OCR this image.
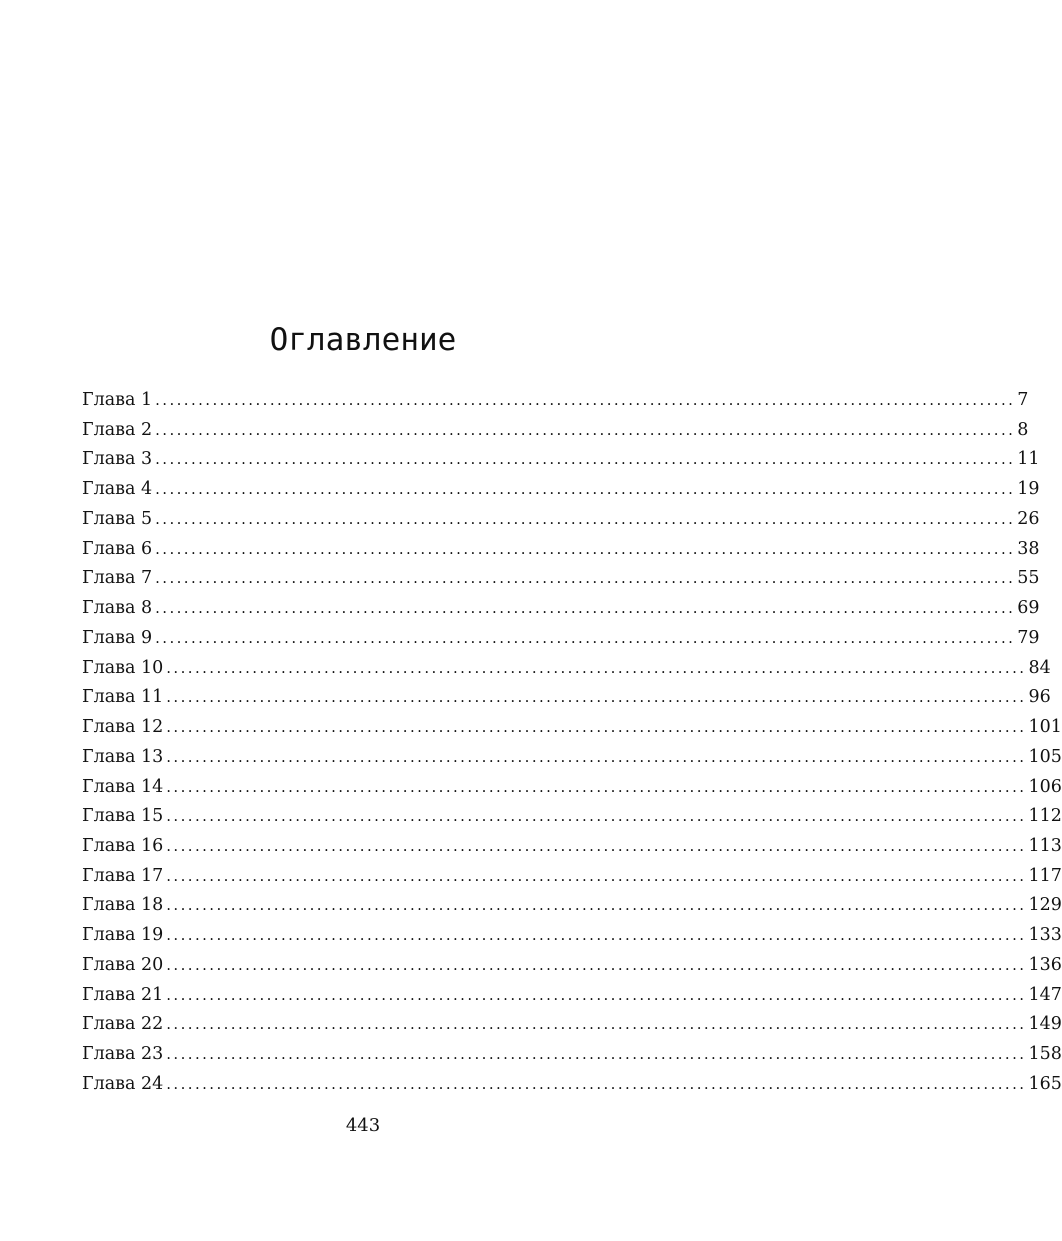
Оглавление
Глава 1 ........................................................................................................................ 7
Глава 2 ........................................................................................................................ 8
Глава 3 ........................................................................................................................ 11
Глава 4 ........................................................................................................................ 19
Глава 5 ........................................................................................................................ 26
Глава 6 ........................................................................................................................ 38
Глава 7 ........................................................................................................................ 55
Глава 8 ........................................................................................................................ 69
Глава 9 ........................................................................................................................ 79
Глава 10 ........................................................................................................................ 84
Глава 11 ........................................................................................................................ 96
Глава 12 ........................................................................................................................ 101
Глава 13 ........................................................................................................................ 105
Глава 14 ........................................................................................................................ 106
Глава 15 ........................................................................................................................ 112
Глава 16 ........................................................................................................................ 113
Глава 17 ........................................................................................................................ 117
Глава 18 ........................................................................................................................ 129
Глава 19 ........................................................................................................................ 133
Глава 20 ........................................................................................................................ 136
Глава 21 ........................................................................................................................ 147
Глава 22 ........................................................................................................................ 149
Глава 23 ........................................................................................................................ 158
Глава 24 ........................................................................................................................ 165
443
